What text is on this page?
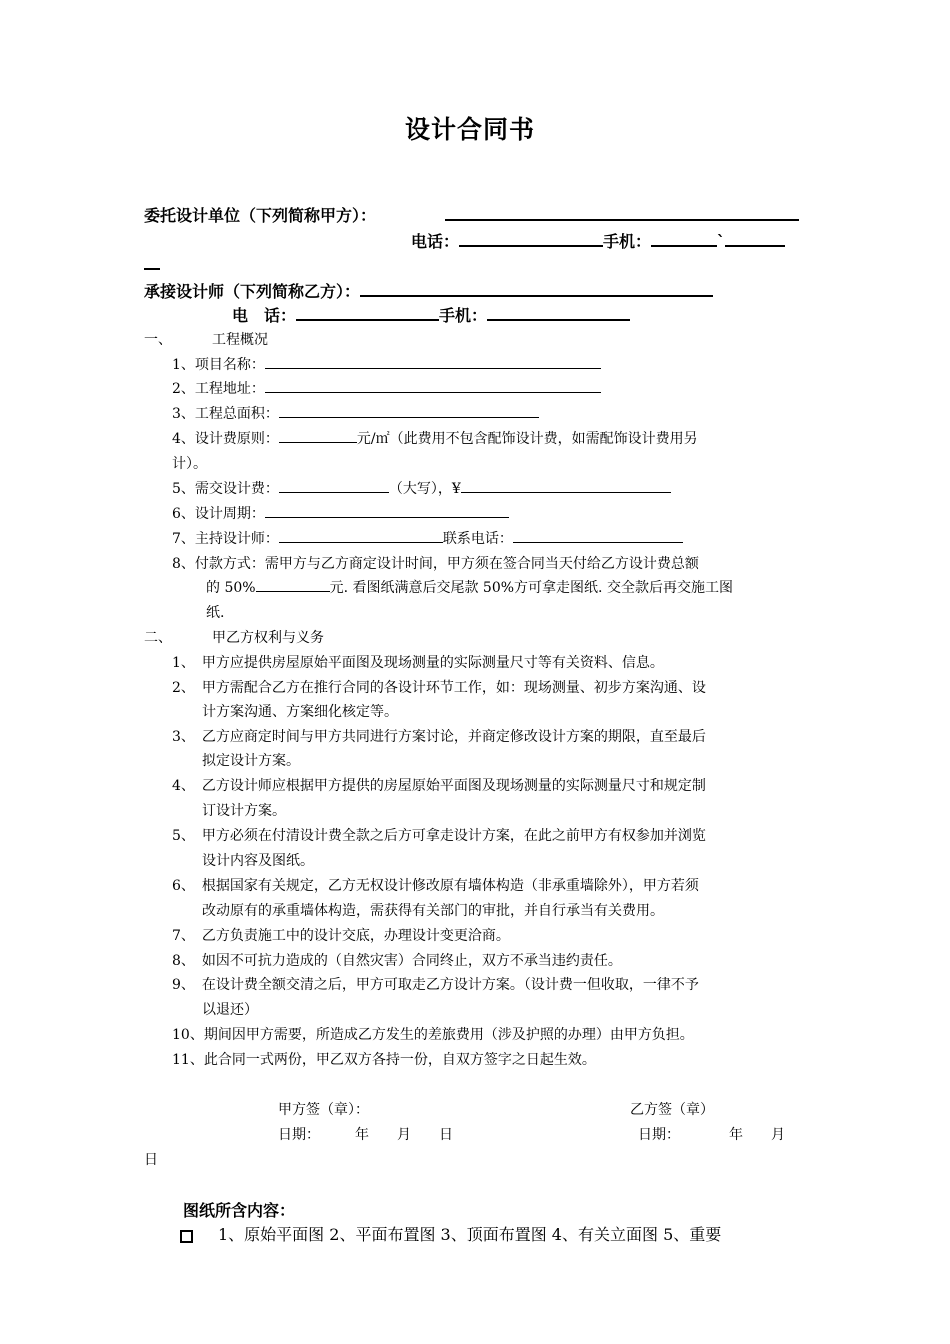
设计合同书
委托设计单位（下列简称甲方）：
电话：	手机：	`
承接设计师（下列简称乙方）：
电　话：	手机：
一、	工程概况
1、项目名称：
2、工程地址：
3、工程总面积：
4、设计费原则：	元/㎡（此费用不包含配饰设计费，如需配饰设计费用另
计）。
5、需交设计费：	（大写），¥
6、设计周期：
7、主持设计师：	联系电话：
8、付款方式：需甲方与乙方商定设计时间，甲方须在签合同当天付给乙方设计费总额
的 50%	元. 看图纸满意后交尾款 50%方可拿走图纸. 交全款后再交施工图
纸.
二、	甲乙方权利与义务
1、　甲方应提供房屋原始平面图及现场测量的实际测量尺寸等有关资料、信息。
2、　甲方需配合乙方在推行合同的各设计环节工作，如：现场测量、初步方案沟通、设
计方案沟通、方案细化核定等。
3、　乙方应商定时间与甲方共同进行方案讨论，并商定修改设计方案的期限，直至最后
拟定设计方案。
4、　乙方设计师应根据甲方提供的房屋原始平面图及现场测量的实际测量尺寸和规定制
订设计方案。
5、　甲方必须在付清设计费全款之后方可拿走设计方案，在此之前甲方有权参加并浏览
设计内容及图纸。
6、　根据国家有关规定，乙方无权设计修改原有墙体构造（非承重墙除外），甲方若须
改动原有的承重墙体构造，需获得有关部门的审批，并自行承当有关费用。
7、　乙方负责施工中的设计交底，办理设计变更洽商。
8、　如因不可抗力造成的（自然灾害）合同终止，双方不承当违约责任。
9、　在设计费全额交清之后，甲方可取走乙方设计方案。（设计费一但收取，一律不予
以退还）
10、期间因甲方需要，所造成乙方发生的差旅费用（涉及护照的办理）由甲方负担。
11、此合同一式两份，甲乙双方各持一份，自双方签字之日起生效。
甲方签（章）：	乙方签（章）
日期：　　　年　　月　　日	日期：　　　　年　　月
日
图纸所含内容：
1、原始平面图 2、平面布置图 3、顶面布置图 4、有关立面图 5、重要
